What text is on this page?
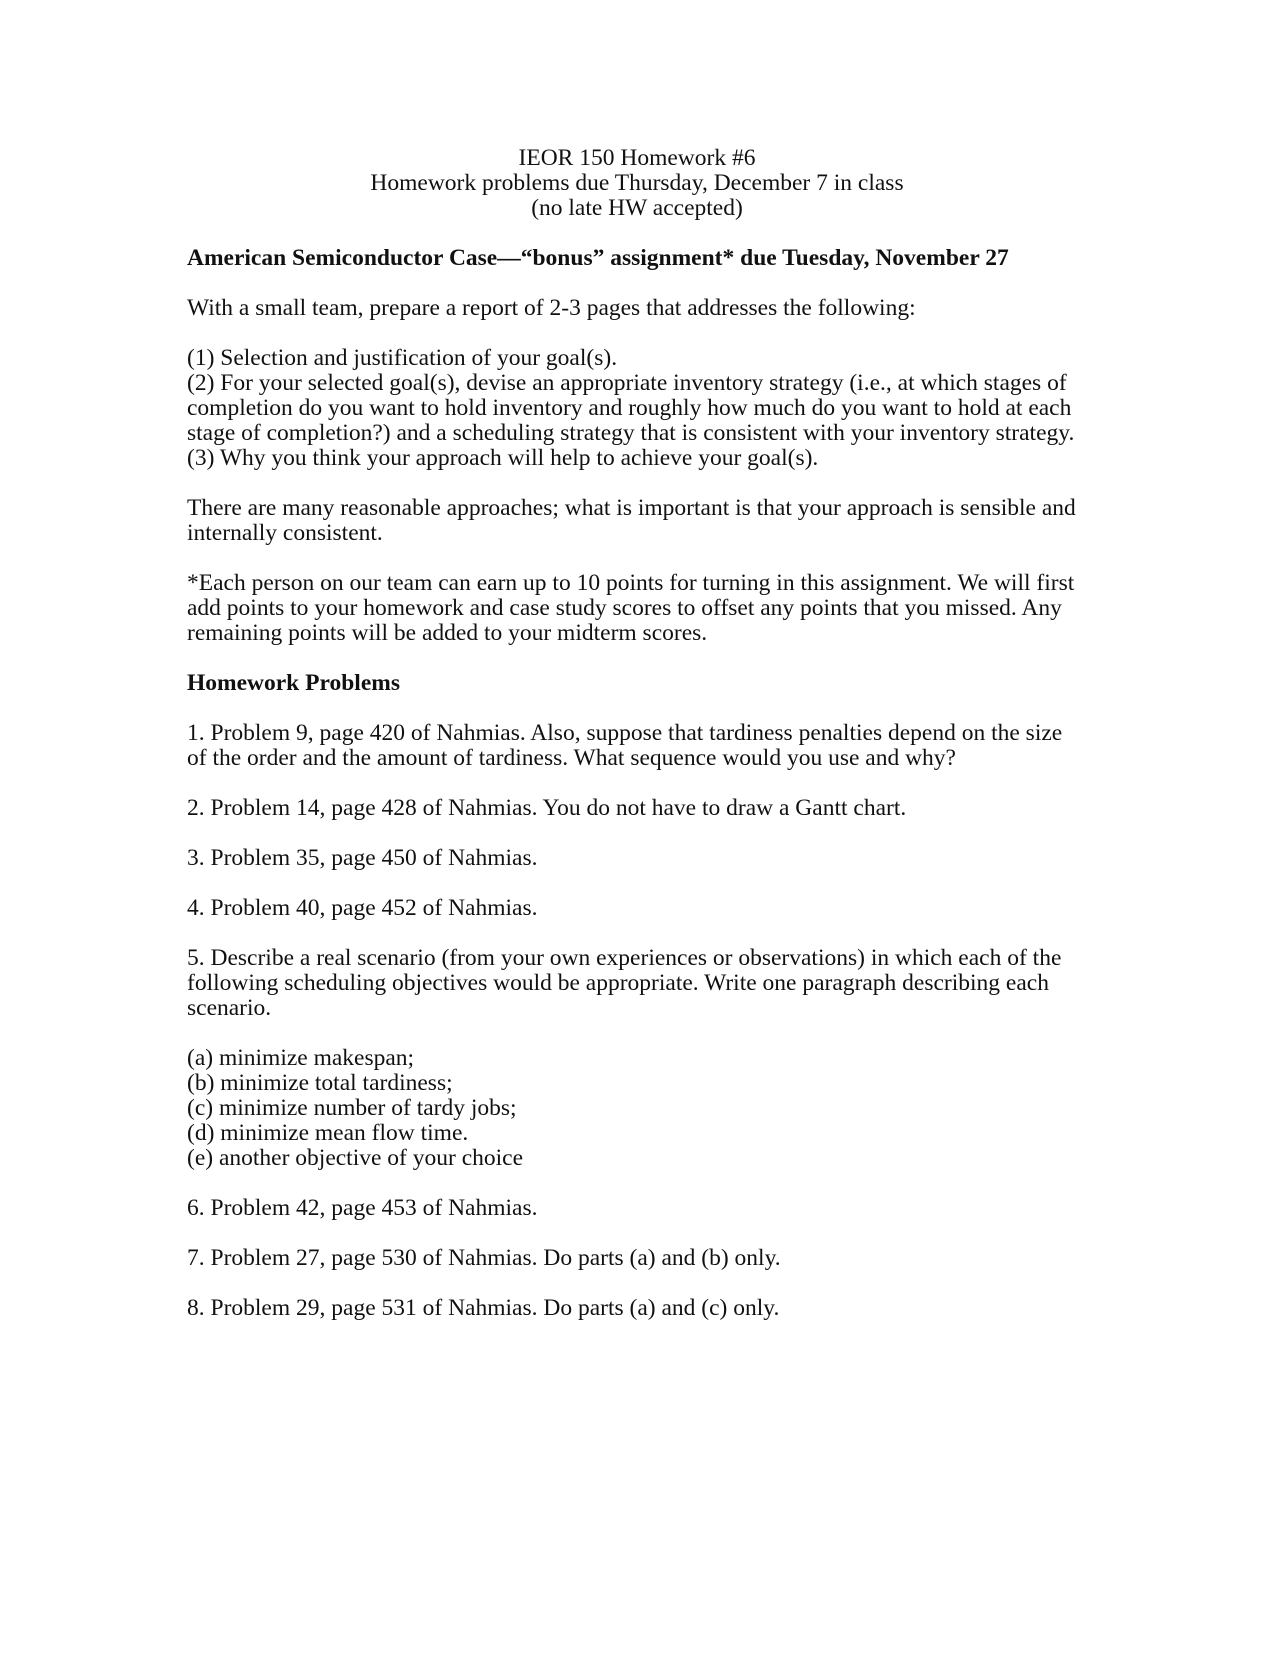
IEOR 150 Homework #6
Homework problems due Thursday, December 7 in class
(no late HW accepted)

American Semiconductor Case—“bonus” assignment* due Tuesday, November 27

With a small team, prepare a report of 2-3 pages that addresses the following:

(1) Selection and justification of your goal(s).
(2) For your selected goal(s), devise an appropriate inventory strategy (i.e., at which stages of completion do you want to hold inventory and roughly how much do you want to hold at each stage of completion?) and a scheduling strategy that is consistent with your inventory strategy.
(3) Why you think your approach will help to achieve your goal(s).

There are many reasonable approaches; what is important is that your approach is sensible and internally consistent.

*Each person on our team can earn up to 10 points for turning in this assignment. We will first add points to your homework and case study scores to offset any points that you missed. Any remaining points will be added to your midterm scores.

Homework Problems

1. Problem 9, page 420 of Nahmias. Also, suppose that tardiness penalties depend on the size of the order and the amount of tardiness. What sequence would you use and why?

2. Problem 14, page 428 of Nahmias. You do not have to draw a Gantt chart.

3. Problem 35, page 450 of Nahmias.

4. Problem 40, page 452 of Nahmias.

5. Describe a real scenario (from your own experiences or observations) in which each of the following scheduling objectives would be appropriate. Write one paragraph describing each scenario.

(a) minimize makespan;
(b) minimize total tardiness;
(c) minimize number of tardy jobs;
(d) minimize mean flow time.
(e) another objective of your choice

6. Problem 42, page 453 of Nahmias.

7. Problem 27, page 530 of Nahmias. Do parts (a) and (b) only.

8. Problem 29, page 531 of Nahmias. Do parts (a) and (c) only.
